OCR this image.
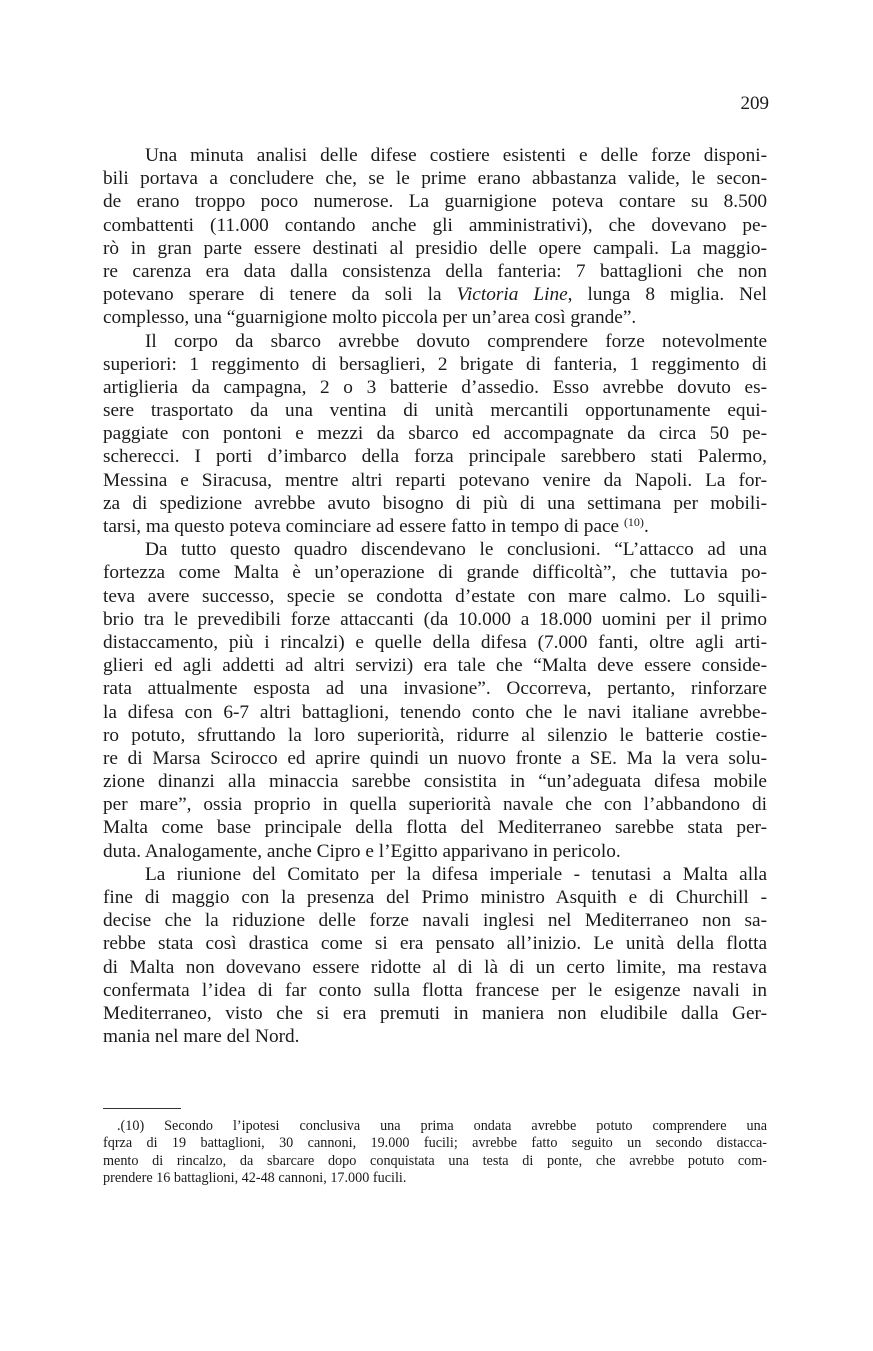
209
Una minuta analisi delle difese costiere esistenti e delle forze disponi-
bili portava a concludere che, se le prime erano abbastanza valide, le secon-
de erano troppo poco numerose. La guarnigione poteva contare su 8.500
combattenti (11.000 contando anche gli amministrativi), che dovevano pe-
rò in gran parte essere destinati al presidio delle opere campali. La maggio-
re carenza era data dalla consistenza della fanteria: 7 battaglioni che non
potevano sperare di tenere da soli la Victoria Line, lunga 8 miglia. Nel
complesso, una “guarnigione molto piccola per un’area così grande”.
Il corpo da sbarco avrebbe dovuto comprendere forze notevolmente
superiori: 1 reggimento di bersaglieri, 2 brigate di fanteria, 1 reggimento di
artiglieria da campagna, 2 o 3 batterie d’assedio. Esso avrebbe dovuto es-
sere trasportato da una ventina di unità mercantili opportunamente equi-
paggiate con pontoni e mezzi da sbarco ed accompagnate da circa 50 pe-
scherecci. I porti d’imbarco della forza principale sarebbero stati Palermo,
Messina e Siracusa, mentre altri reparti potevano venire da Napoli. La for-
za di spedizione avrebbe avuto bisogno di più di una settimana per mobili-
tarsi, ma questo poteva cominciare ad essere fatto in tempo di pace $^{(10)}$.
Da tutto questo quadro discendevano le conclusioni. “L’attacco ad una
fortezza come Malta è un’operazione di grande difficoltà”, che tuttavia po-
teva avere successo, specie se condotta d’estate con mare calmo. Lo squili-
brio tra le prevedibili forze attaccanti (da 10.000 a 18.000 uomini per il primo
distaccamento, più i rincalzi) e quelle della difesa (7.000 fanti, oltre agli arti-
glieri ed agli addetti ad altri servizi) era tale che “Malta deve essere conside-
rata attualmente esposta ad una invasione”. Occorreva, pertanto, rinforzare
la difesa con 6-7 altri battaglioni, tenendo conto che le navi italiane avrebbe-
ro potuto, sfruttando la loro superiorità, ridurre al silenzio le batterie costie-
re di Marsa Scirocco ed aprire quindi un nuovo fronte a SE. Ma la vera solu-
zione dinanzi alla minaccia sarebbe consistita in “un’adeguata difesa mobile
per mare”, ossia proprio in quella superiorità navale che con l’abbandono di
Malta come base principale della flotta del Mediterraneo sarebbe stata per-
duta. Analogamente, anche Cipro e l’Egitto apparivano in pericolo.
La riunione del Comitato per la difesa imperiale - tenutasi a Malta alla
fine di maggio con la presenza del Primo ministro Asquith e di Churchill -
decise che la riduzione delle forze navali inglesi nel Mediterraneo non sa-
rebbe stata così drastica come si era pensato all’inizio. Le unità della flotta
di Malta non dovevano essere ridotte al di là di un certo limite, ma restava
confermata l’idea di far conto sulla flotta francese per le esigenze navali in
Mediterraneo, visto che si era premuti in maniera non eludibile dalla Ger-
mania nel mare del Nord.
.(10) Secondo l’ipotesi conclusiva una prima ondata avrebbe potuto comprendere una
fqrza di 19 battaglioni, 30 cannoni, 19.000 fucili; avrebbe fatto seguito un secondo distacca-
mento di rincalzo, da sbarcare dopo conquistata una testa di ponte, che avrebbe potuto com-
prendere 16 battaglioni, 42-48 cannoni, 17.000 fucili.
